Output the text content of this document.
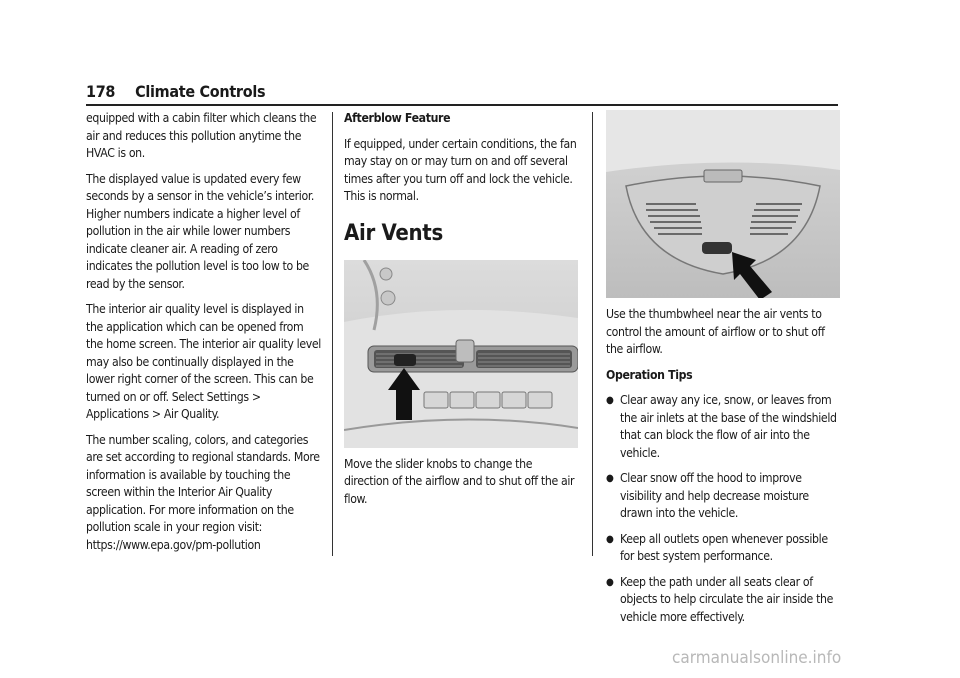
178 Climate Controls

equipped with a cabin filter which cleans the air and reduces this pollution anytime the HVAC is on.

The displayed value is updated every few seconds by a sensor in the vehicle’s interior. Higher numbers indicate a higher level of pollution in the air while lower numbers indicate cleaner air. A reading of zero indicates the pollution level is too low to be read by the sensor.

The interior air quality level is displayed in the application which can be opened from the home screen. The interior air quality level may also be continually displayed in the lower right corner of the screen. This can be turned on or off. Select Settings > Applications > Air Quality.

The number scaling, colors, and categories are set according to regional standards. More information is available by touching the screen within the Interior Air Quality application. For more information on the pollution scale in your region visit: https://www.epa.gov/pm-pollution

Afterblow Feature

If equipped, under certain conditions, the fan may stay on or may turn on and off several times after you turn off and lock the vehicle. This is normal.

Air Vents

Move the slider knobs to change the direction of the airflow and to shut off the air flow.

Use the thumbwheel near the air vents to control the amount of airflow or to shut off the airflow.

Operation Tips
● Clear away any ice, snow, or leaves from the air inlets at the base of the windshield that can block the flow of air into the vehicle.
● Clear snow off the hood to improve visibility and help decrease moisture drawn into the vehicle.
● Keep all outlets open whenever possible for best system performance.
● Keep the path under all seats clear of objects to help circulate the air inside the vehicle more effectively.
carmanualsonline.info
